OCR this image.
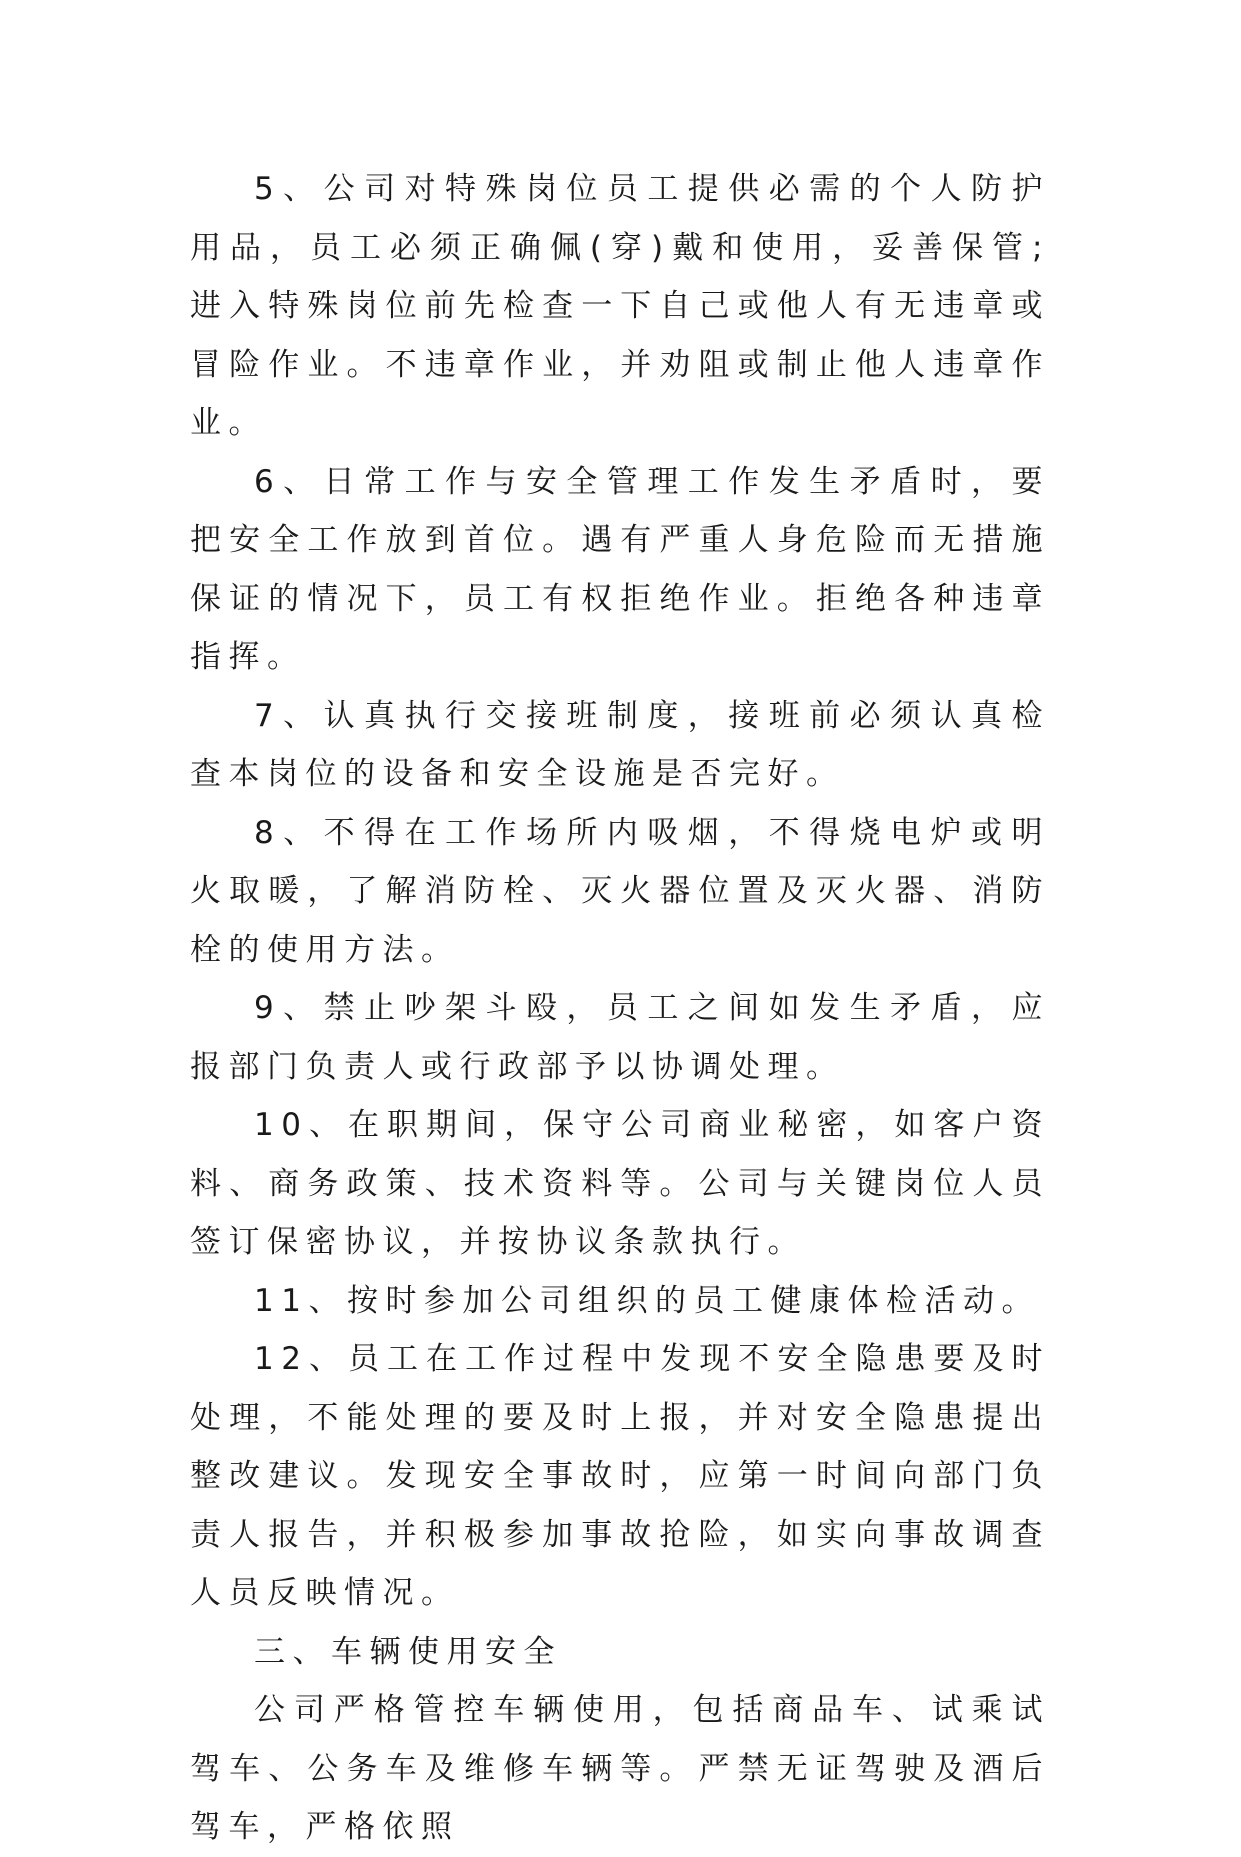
5、公司对特殊岗位员工提供必需的个人防护用品，员工必须正确佩(穿)戴和使用，妥善保管;进入特殊岗位前先检查一下自己或他人有无违章或冒险作业。不违章作业，并劝阻或制止他人违章作业。

6、日常工作与安全管理工作发生矛盾时，要把安全工作放到首位。遇有严重人身危险而无措施保证的情况下，员工有权拒绝作业。拒绝各种违章指挥。

7、认真执行交接班制度，接班前必须认真检查本岗位的设备和安全设施是否完好。

8、不得在工作场所内吸烟，不得烧电炉或明火取暖，了解消防栓、灭火器位置及灭火器、消防栓的使用方法。

9、禁止吵架斗殴，员工之间如发生矛盾，应报部门负责人或行政部予以协调处理。

10、在职期间，保守公司商业秘密，如客户资料、商务政策、技术资料等。公司与关键岗位人员签订保密协议，并按协议条款执行。

11、按时参加公司组织的员工健康体检活动。

12、员工在工作过程中发现不安全隐患要及时处理，不能处理的要及时上报，并对安全隐患提出整改建议。发现安全事故时，应第一时间向部门负责人报告，并积极参加事故抢险，如实向事故调查人员反映情况。

三、车辆使用安全

公司严格管控车辆使用，包括商品车、试乘试驾车、公务车及维修车辆等。严禁无证驾驶及酒后驾车，严格依照
